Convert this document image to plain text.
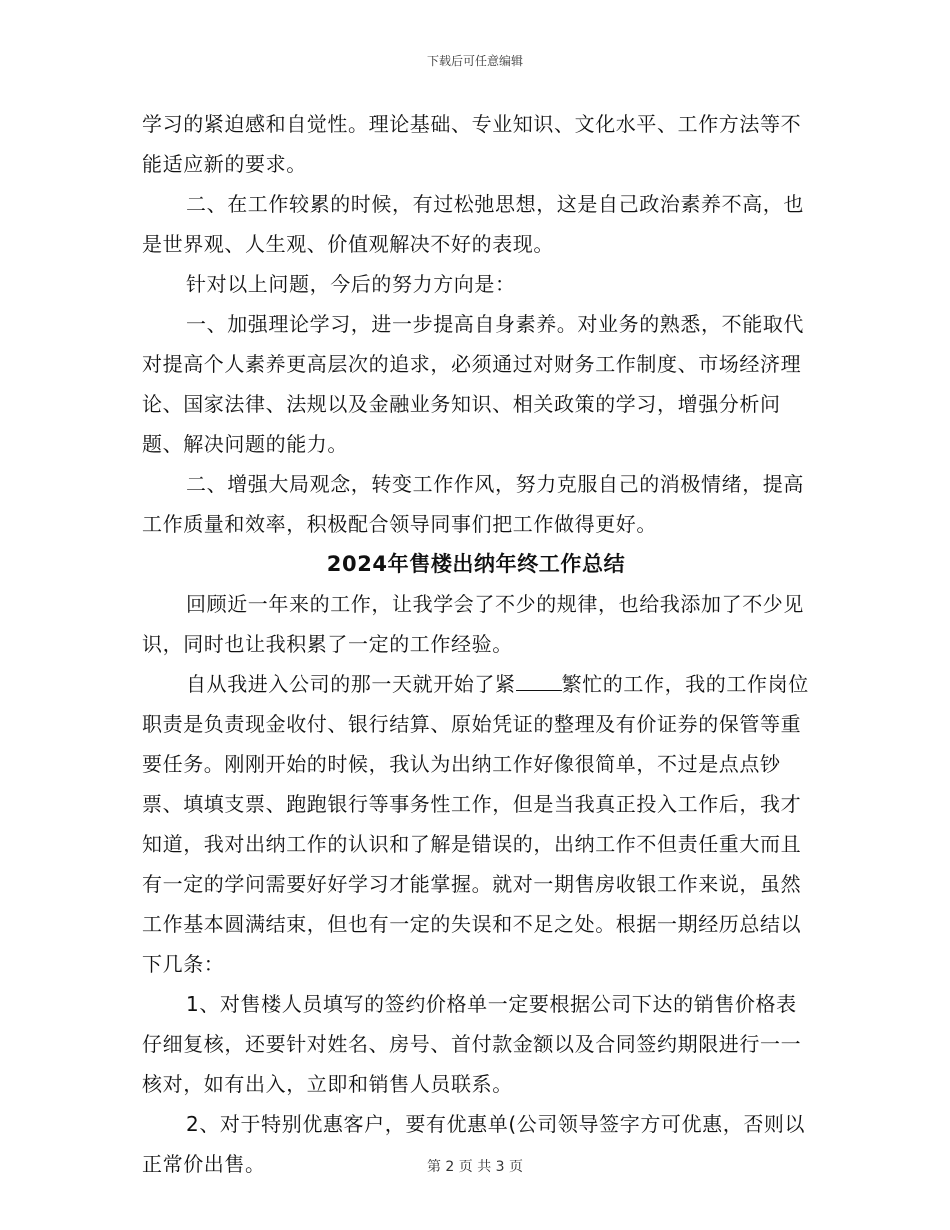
下载后可任意编辑

学习的紧迫感和自觉性。理论基础、专业知识、文化水平、工作方法等不能适应新的要求。

二、在工作较累的时候，有过松弛思想，这是自己政治素养不高，也是世界观、人生观、价值观解决不好的表现。

针对以上问题，今后的努力方向是：

一、加强理论学习，进一步提高自身素养。对业务的熟悉，不能取代对提高个人素养更高层次的追求，必须通过对财务工作制度、市场经济理论、国家法律、法规以及金融业务知识、相关政策的学习，增强分析问题、解决问题的能力。

二、增强大局观念，转变工作作风，努力克服自己的消极情绪，提高工作质量和效率，积极配合领导同事们把工作做得更好。

2024年售楼出纳年终工作总结

回顾近一年来的工作，让我学会了不少的规律，也给我添加了不少见识，同时也让我积累了一定的工作经验。

自从我进入公司的那一天就开始了紧 繁忙的工作，我的工作岗位职责是负责现金收付、银行结算、原始凭证的整理及有价证券的保管等重要任务。刚刚开始的时候，我认为出纳工作好像很简单，不过是点点钞票、填填支票、跑跑银行等事务性工作，但是当我真正投入工作后，我才知道，我对出纳工作的认识和了解是错误的，出纳工作不但责任重大而且有一定的学问需要好好学习才能掌握。就对一期售房收银工作来说，虽然工作基本圆满结束，但也有一定的失误和不足之处。根据一期经历总结以下几条：

1、对售楼人员填写的签约价格单一定要根据公司下达的销售价格表仔细复核，还要针对姓名、房号、首付款金额以及合同签约期限进行一一核对，如有出入，立即和销售人员联系。

2、对于特别优惠客户，要有优惠单(公司领导签字方可优惠，否则以正常价出售。	第 2 页 共 3 页
